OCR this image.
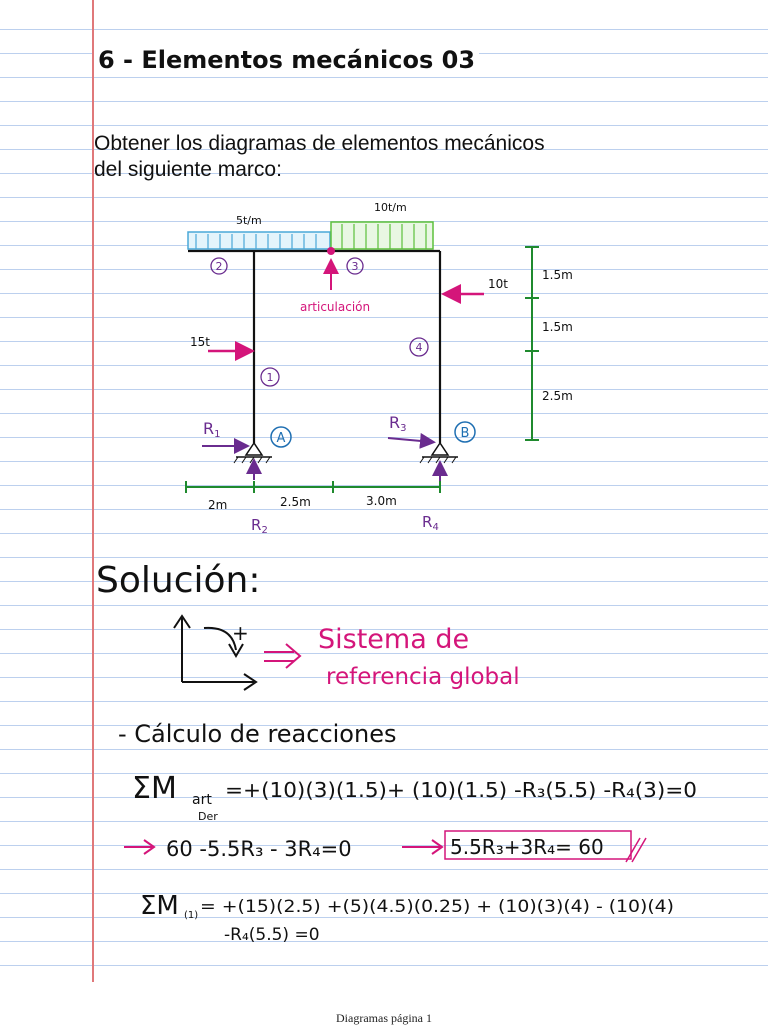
6 - Elementos mecánicos 03

Obtener los diagramas de elementos mecánicos
del siguiente marco:

5t/m
10t/m
articulación
2	3
1
4
15t
10t
A	B
R1
R3
$R_2$	$R_4$
1.5m
1.5m
2.5m
2m	2.5m	3.0m
Solución:
+	Sistema de
referencia global
- Cálculo de reacciones
ΣM art
Der
=+(10)(3)(1.5)+ (10)(1.5) -R₃(5.5) -R₄(3)=0
60 -5.5R₃ - 3R₄=0	5.5R₃+3R₄= 60
ΣM (1) = +(15)(2.5) +(5)(4.5)(0.25) + (10)(3)(4) - (10)(4)
-R₄(5.5) =0
Diagramas página 1
